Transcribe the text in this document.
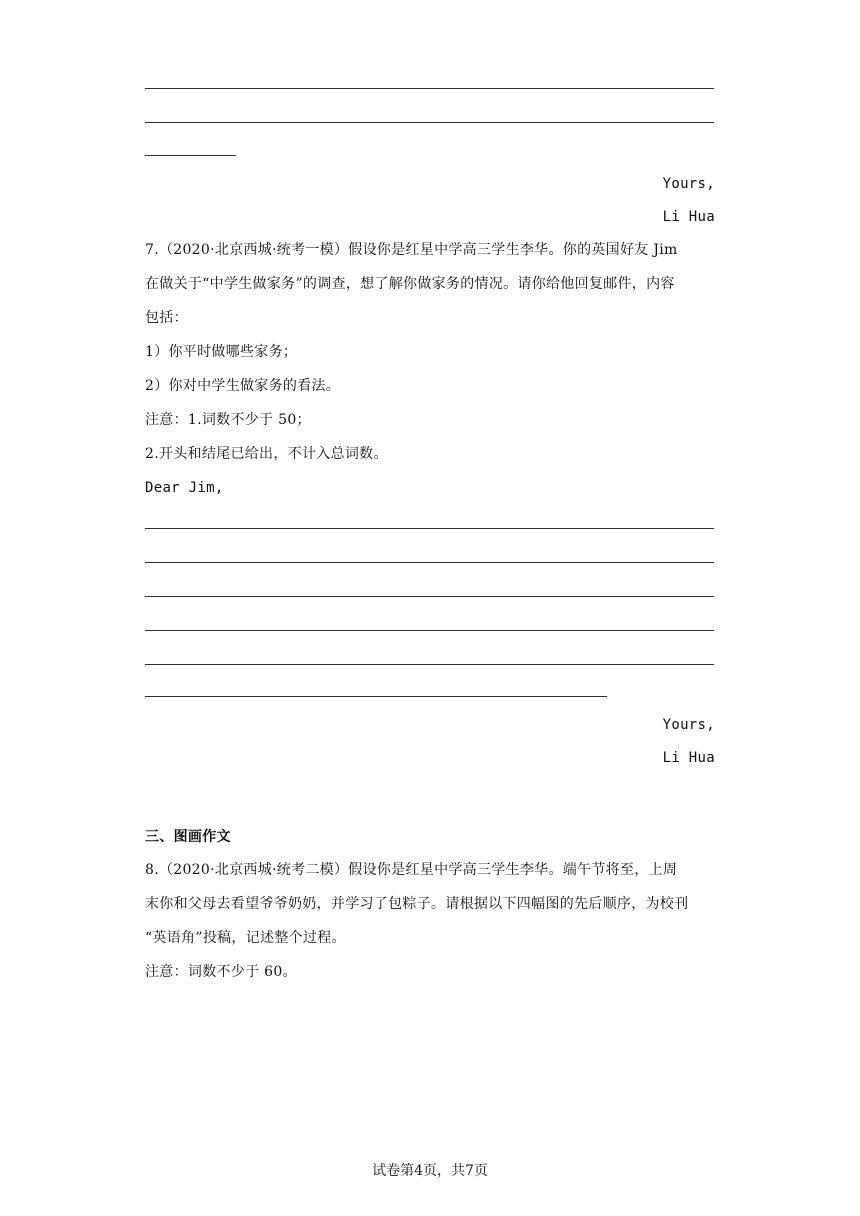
Yours,
Li Hua
7.（2020·北京西城·统考一模）假设你是红星中学高三学生李华。你的英国好友 Jim
在做关于“中学生做家务”的调查，想了解你做家务的情况。请你给他回复邮件，内容
包括：
1）你平时做哪些家务；
2）你对中学生做家务的看法。
注意：1.词数不少于 50；
2.开头和结尾已给出，不计入总词数。
Dear Jim,
Yours,
Li Hua
三、图画作文
8.（2020·北京西城·统考二模）假设你是红星中学高三学生李华。端午节将至，上周
末你和父母去看望爷爷奶奶，并学习了包粽子。请根据以下四幅图的先后顺序，为校刊
“英语角”投稿，记述整个过程。
注意：词数不少于 60。
试卷第4页，共7页
